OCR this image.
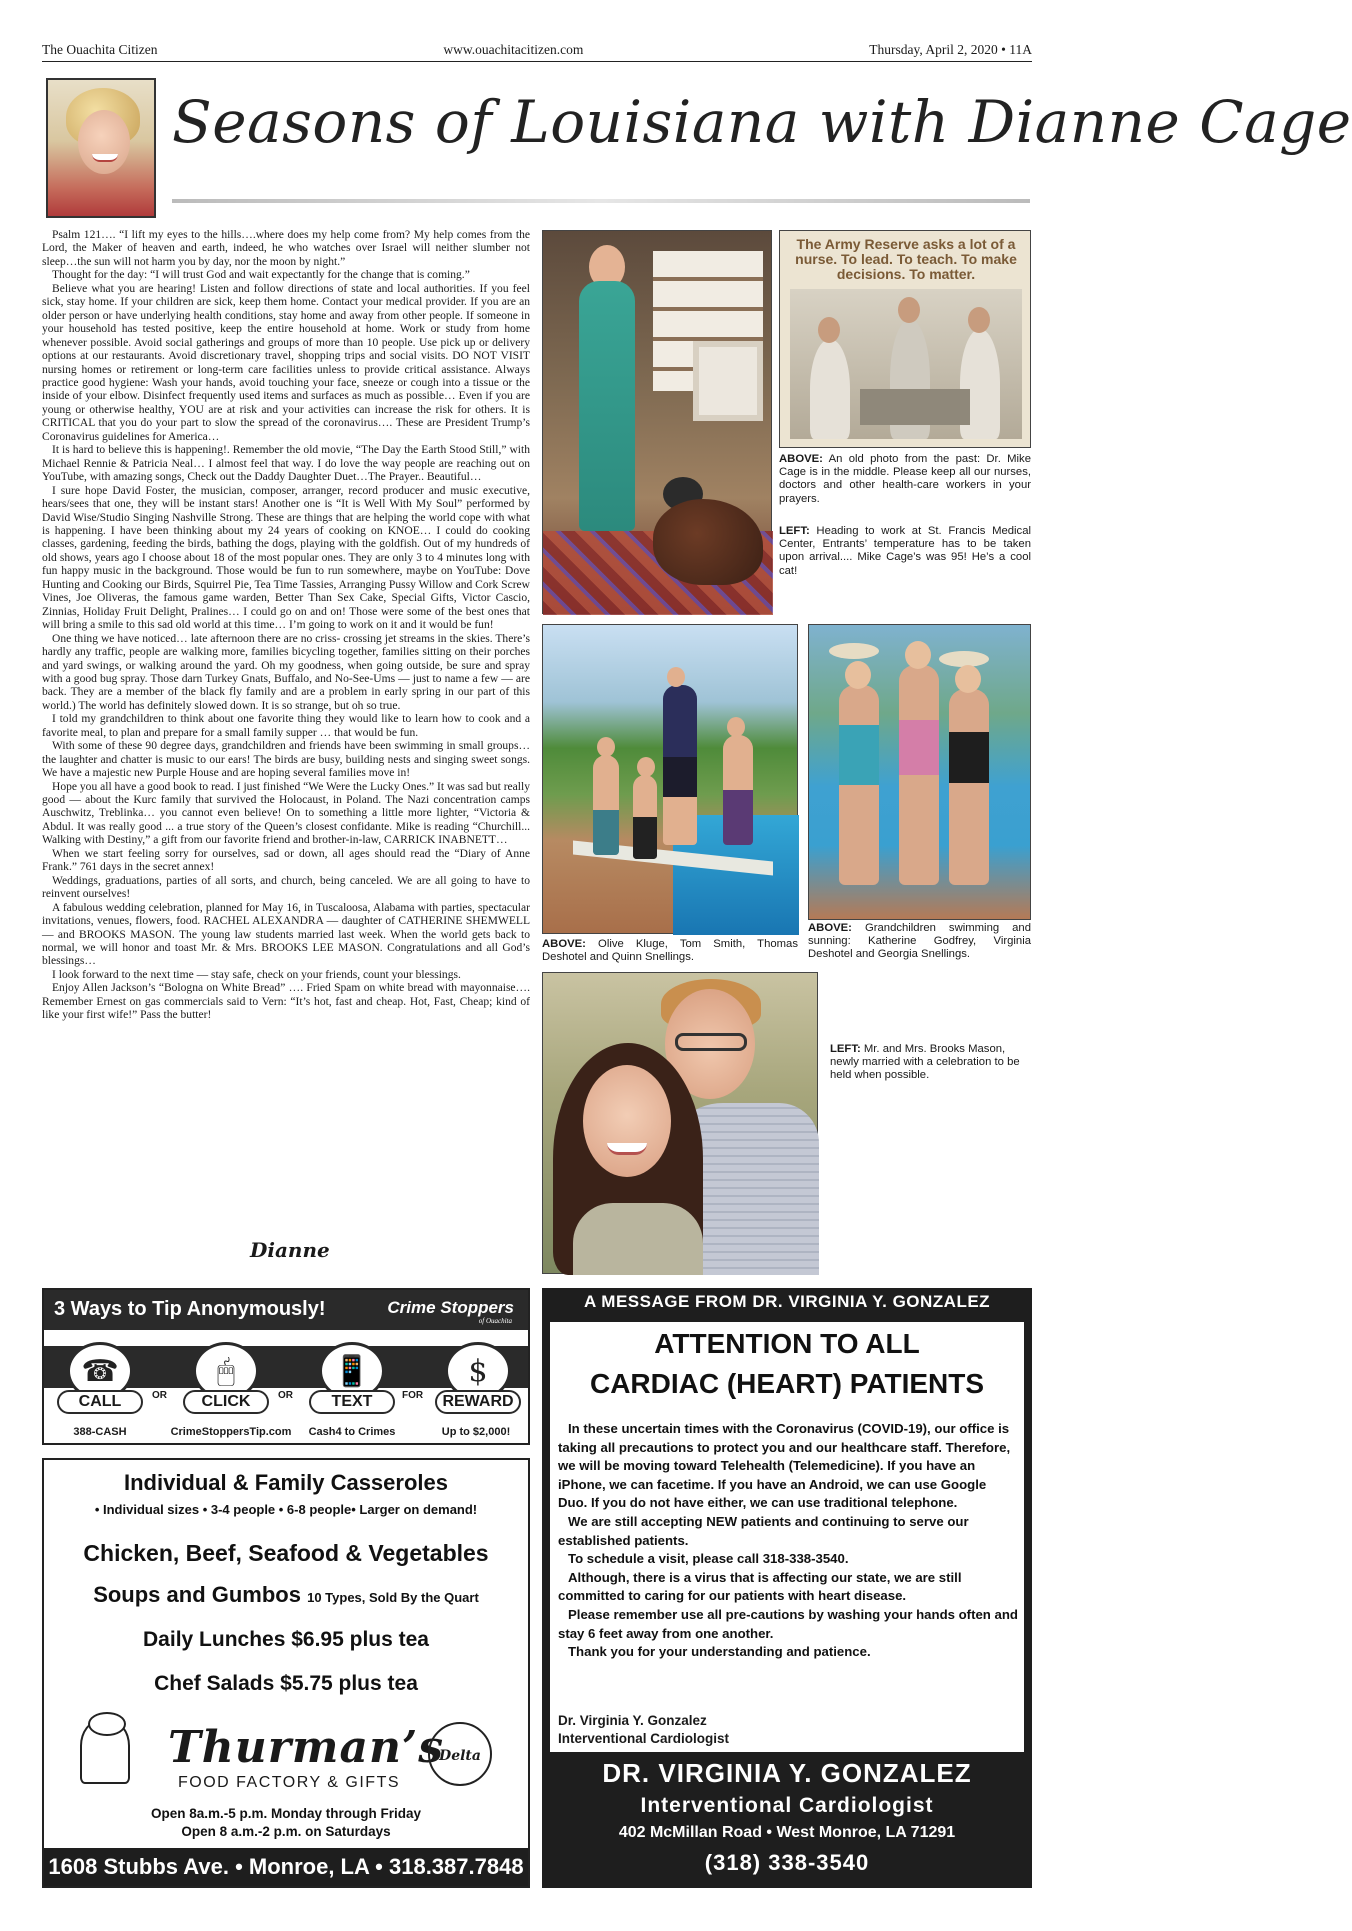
The Ouachita Citizen	www.ouachitacitizen.com	Thursday, April 2, 2020 • 11A
Seasons of Louisiana with Dianne Cage

Psalm 121…. “I lift my eyes to the hills….where does my help come from? My help comes from the Lord, the Maker of heaven and earth, indeed, he who watches over Israel will neither slumber not sleep…the sun will not harm you by day, nor the moon by night.”

Thought for the day: “I will trust God and wait expectantly for the change that is coming.”

Believe what you are hearing! Listen and follow directions of state and local authorities. If you feel sick, stay home. If your children are sick, keep them home. Contact your medical provider. If you are an older person or have underlying health conditions, stay home and away from other people. If someone in your household has tested positive, keep the entire household at home. Work or study from home whenever possible. Avoid social gatherings and groups of more than 10 people. Use pick up or delivery options at our restaurants. Avoid discretionary travel, shopping trips and social visits. DO NOT VISIT nursing homes or retirement or long-term care facilities unless to provide critical assistance. Always practice good hygiene: Wash your hands, avoid touching your face, sneeze or cough into a tissue or the inside of your elbow. Disinfect frequently used items and surfaces as much as possible… Even if you are young or otherwise healthy, YOU are at risk and your activities can increase the risk for others. It is CRITICAL that you do your part to slow the spread of the coronavirus…. These are President Trump’s Coronavirus guidelines for America…

It is hard to believe this is happening!. Remember the old movie, “The Day the Earth Stood Still,” with Michael Rennie & Patricia Neal… I almost feel that way. I do love the way people are reaching out on YouTube, with amazing songs, Check out the Daddy Daughter Duet…The Prayer.. Beautiful…

I sure hope David Foster, the musician, composer, arranger, record producer and music executive, hears/sees that one, they will be instant stars! Another one is “It is Well With My Soul” performed by David Wise/Studio Singing Nashville Strong. These are things that are helping the world cope with what is happening. I have been thinking about my 24 years of cooking on KNOE… I could do cooking classes, gardening, feeding the birds, bathing the dogs, playing with the goldfish. Out of my hundreds of old shows, years ago I choose about 18 of the most popular ones. They are only 3 to 4 minutes long with fun happy music in the background. Those would be fun to run somewhere, maybe on YouTube: Dove Hunting and Cooking our Birds, Squirrel Pie, Tea Time Tassies, Arranging Pussy Willow and Cork Screw Vines, Joe Oliveras, the famous game warden, Better Than Sex Cake, Special Gifts, Victor Cascio, Zinnias, Holiday Fruit Delight, Pralines… I could go on and on! Those were some of the best ones that will bring a smile to this sad old world at this time… I’m going to work on it and it would be fun!

One thing we have noticed… late afternoon there are no criss- crossing jet streams in the skies. There’s hardly any traffic, people are walking more, families bicycling together, families sitting on their porches and yard swings, or walking around the yard. Oh my goodness, when going outside, be sure and spray with a good bug spray. Those darn Turkey Gnats, Buffalo, and No-See-Ums — just to name a few — are back. They are a member of the black fly family and are a problem in early spring in our part of this world.) The world has definitely slowed down. It is so strange, but oh so true.

I told my grandchildren to think about one favorite thing they would like to learn how to cook and a favorite meal, to plan and prepare for a small family supper … that would be fun.

With some of these 90 degree days, grandchildren and friends have been swimming in small groups… the laughter and chatter is music to our ears! The birds are busy, building nests and singing sweet songs. We have a majestic new Purple House and are hoping several families move in!

Hope you all have a good book to read. I just finished “We Were the Lucky Ones.” It was sad but really good — about the Kurc family that survived the Holocaust, in Poland. The Nazi concentration camps Auschwitz, Treblinka… you cannot even believe! On to something a little more lighter, “Victoria & Abdul. It was really good ... a true story of the Queen’s closest confidante. Mike is reading “Churchill... Walking with Destiny,” a gift from our favorite friend and brother-in-law, CARRICK INABNETT…

When we start feeling sorry for ourselves, sad or down, all ages should read the “Diary of Anne Frank.” 761 days in the secret annex!

Weddings, graduations, parties of all sorts, and church, being canceled. We are all going to have to reinvent ourselves!

A fabulous wedding celebration, planned for May 16, in Tuscaloosa, Alabama with parties, spectacular invitations, venues, flowers, food. RACHEL ALEXANDRA — daughter of CATHERINE SHEMWELL — and BROOKS MASON. The young law students married last week. When the world gets back to normal, we will honor and toast Mr. & Mrs. BROOKS LEE MASON. Congratulations and all God’s blessings…

I look forward to the next time — stay safe, check on your friends, count your blessings.

Enjoy Allen Jackson’s “Bologna on White Bread” …. Fried Spam on white bread with mayonnaise…. Remember Ernest on gas commercials said to Vern: “It’s hot, fast and cheap. Hot, Fast, Cheap; kind of like your first wife!” Pass the butter!

Dianne
The Army Reserve asks a lot of a nurse. To lead. To teach. To make decisions. To matter.
ABOVE: An old photo from the past: Dr. Mike Cage is in the middle. Please keep all our nurses, doctors and other health-care workers in your prayers.
LEFT: Heading to work at St. Francis Medical Center, Entrants’ temperature has to be taken upon arrival.... Mike Cage’s was 95! He’s a cool cat!
ABOVE: Olive Kluge, Tom Smith, Thomas Deshotel and Quinn Snellings.
ABOVE: Grandchildren swimming and sunning: Katherine Godfrey, Virginia Deshotel and Georgia Snellings.
LEFT: Mr. and Mrs. Brooks Mason, newly married with a celebration to be held when possible.
3 Ways to Tip Anonymously!	Crime Stoppers
of Ouachita
☎
CALL	OR
🖱
CLICK	OR
📱
TEXT	FOR
$
REWARD
388-CASH	CrimeStoppersTip.com	Cash4 to Crimes	Up to $2,000!
Individual & Family Casseroles
• Individual sizes • 3-4 people • 6-8 people• Larger on demand!
Chicken, Beef, Seafood & Vegetables
Soups and Gumbos 10 Types, Sold By the Quart
Daily Lunches $6.95 plus tea
Chef Salads $5.75 plus tea
Thurman’s
FOOD FACTORY & GIFTS
Delta
Open 8a.m.-5 p.m. Monday through Friday
Open 8 a.m.-2 p.m. on Saturdays
1608 Stubbs Ave. • Monroe, LA • 318.387.7848
A MESSAGE FROM DR. VIRGINIA Y. GONZALEZ
ATTENTION TO ALL
CARDIAC (HEART) PATIENTS

In these uncertain times with the Coronavirus (COVID-19), our office is taking all precautions to protect you and our healthcare staff. Therefore, we will be moving toward Telehealth (Telemedicine). If you have an iPhone, we can facetime. If you have an Android, we can use Google Duo. If you do not have either, we can use traditional telephone.

We are still accepting NEW patients and continuing to serve our established patients.

To schedule a visit, please call 318-338-3540.

Although, there is a virus that is affecting our state, we are still committed to caring for our patients with heart disease.

Please remember use all pre-cautions by washing your hands often and stay 6 feet away from one another.

Thank you for your understanding and patience.

Dr. Virginia Y. Gonzalez
Interventional Cardiologist
DR. VIRGINIA Y. GONZALEZ
Interventional Cardiologist
402 McMillan Road • West Monroe, LA 71291
(318) 338-3540
